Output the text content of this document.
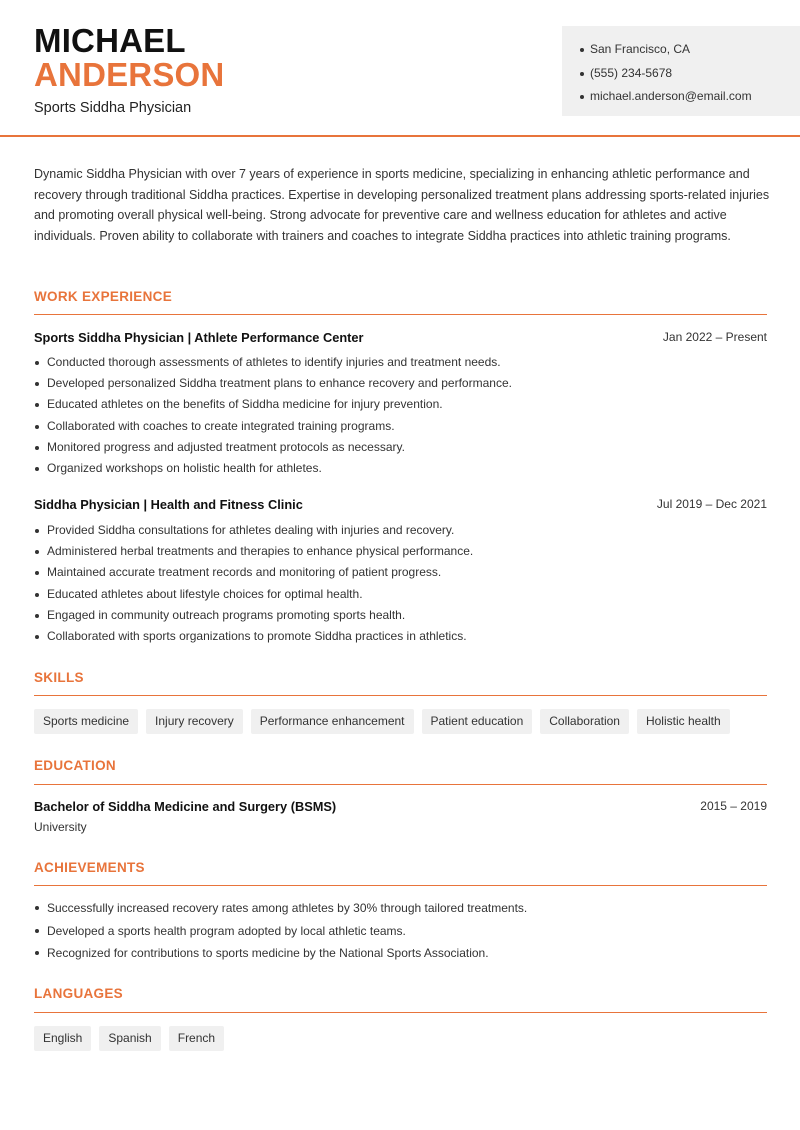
MICHAEL
ANDERSON
Sports Siddha Physician
San Francisco, CA
(555) 234-5678
michael.anderson@email.com
Dynamic Siddha Physician with over 7 years of experience in sports medicine, specializing in enhancing athletic performance and recovery through traditional Siddha practices. Expertise in developing personalized treatment plans addressing sports-related injuries and promoting overall physical well-being. Strong advocate for preventive care and wellness education for athletes and active individuals. Proven ability to collaborate with trainers and coaches to integrate Siddha practices into athletic training programs.
WORK EXPERIENCE
Sports Siddha Physician | Athlete Performance Center	Jan 2022 – Present
Conducted thorough assessments of athletes to identify injuries and treatment needs.
Developed personalized Siddha treatment plans to enhance recovery and performance.
Educated athletes on the benefits of Siddha medicine for injury prevention.
Collaborated with coaches to create integrated training programs.
Monitored progress and adjusted treatment protocols as necessary.
Organized workshops on holistic health for athletes.
Siddha Physician | Health and Fitness Clinic	Jul 2019 – Dec 2021
Provided Siddha consultations for athletes dealing with injuries and recovery.
Administered herbal treatments and therapies to enhance physical performance.
Maintained accurate treatment records and monitoring of patient progress.
Educated athletes about lifestyle choices for optimal health.
Engaged in community outreach programs promoting sports health.
Collaborated with sports organizations to promote Siddha practices in athletics.
SKILLS
Sports medicine	Injury recovery	Performance enhancement	Patient education	Collaboration	Holistic health
EDUCATION
Bachelor of Siddha Medicine and Surgery (BSMS)	2015 – 2019
University
ACHIEVEMENTS
Successfully increased recovery rates among athletes by 30% through tailored treatments.
Developed a sports health program adopted by local athletic teams.
Recognized for contributions to sports medicine by the National Sports Association.
LANGUAGES
English	Spanish	French
